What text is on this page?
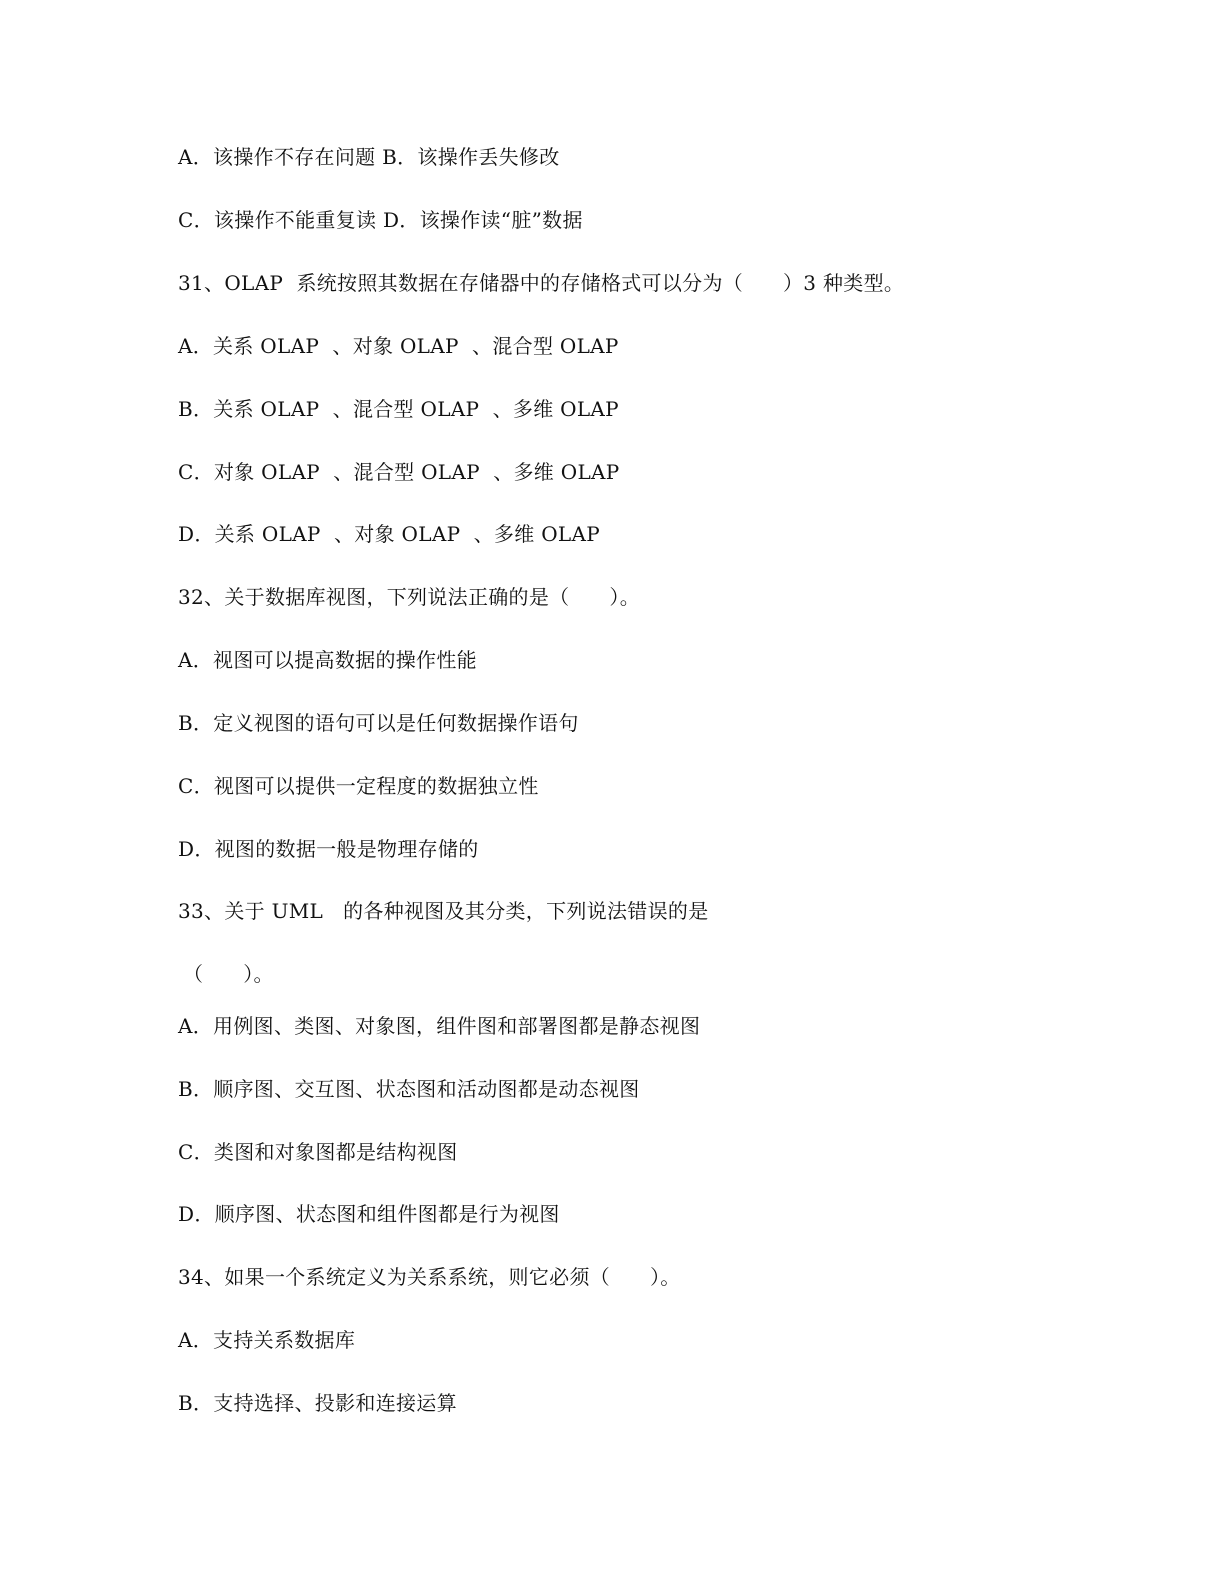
A．该操作不存在问题 B．该操作丢失修改
C．该操作不能重复读 D．该操作读“脏”数据
31、OLAP  系统按照其数据在存储器中的存储格式可以分为（      ）3 种类型。
A．关系 OLAP  、对象 OLAP  、混合型 OLAP
B．关系 OLAP  、混合型 OLAP  、多维 OLAP
C．对象 OLAP  、混合型 OLAP  、多维 OLAP
D．关系 OLAP  、对象 OLAP  、多维 OLAP
32、关于数据库视图，下列说法正确的是（      ）。
A．视图可以提高数据的操作性能
B．定义视图的语句可以是任何数据操作语句
C．视图可以提供一定程度的数据独立性
D．视图的数据一般是物理存储的
33、关于 UML   的各种视图及其分类，下列说法错误的是
（      ）。
A．用例图、类图、对象图，组件图和部署图都是静态视图
B．顺序图、交互图、状态图和活动图都是动态视图
C．类图和对象图都是结构视图
D．顺序图、状态图和组件图都是行为视图
34、如果一个系统定义为关系系统，则它必须（      ）。
A．支持关系数据库
B．支持选择、投影和连接运算
